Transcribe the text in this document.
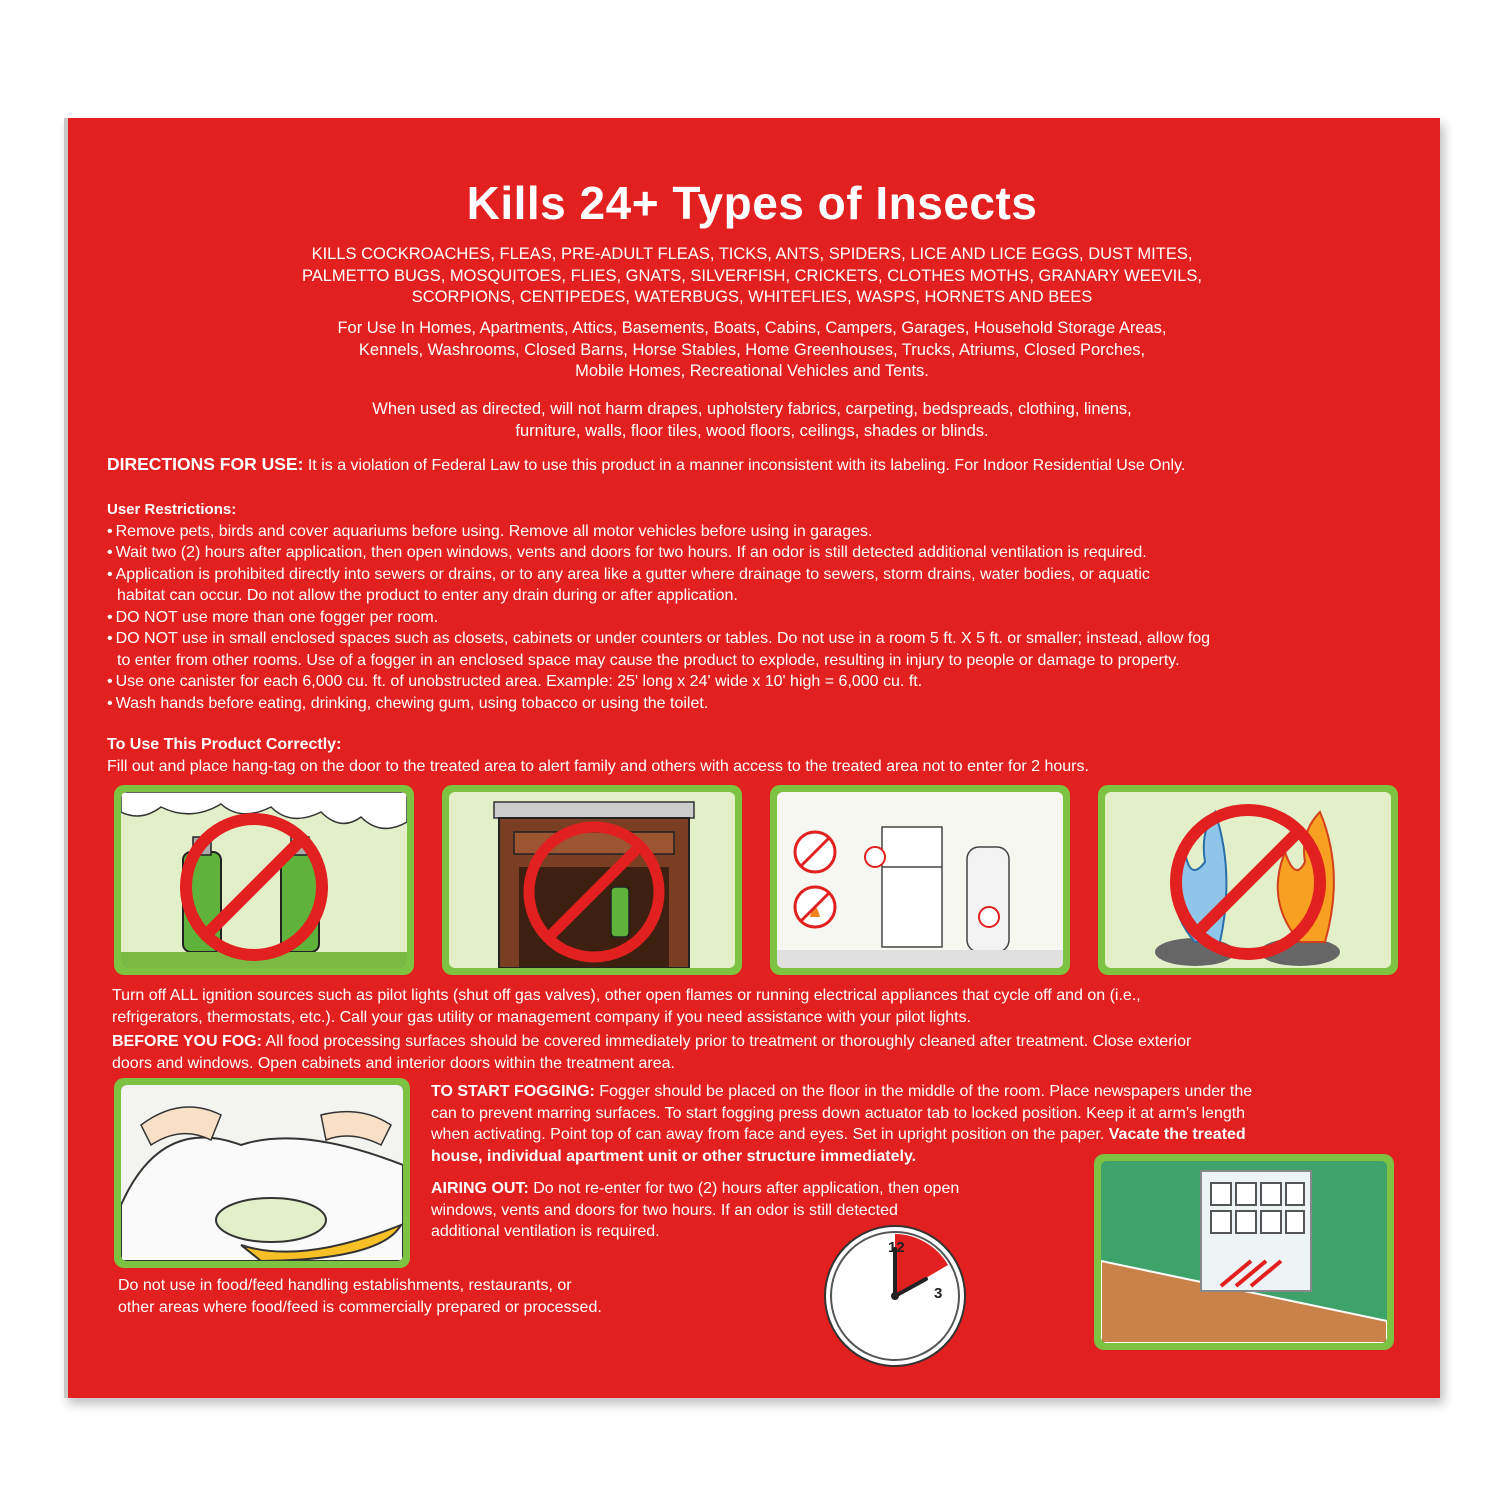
Kills 24+ Types of Insects
KILLS COCKROACHES, FLEAS, PRE-ADULT FLEAS, TICKS, ANTS, SPIDERS, LICE AND LICE EGGS, DUST MITES,
PALMETTO BUGS, MOSQUITOES, FLIES, GNATS, SILVERFISH, CRICKETS, CLOTHES MOTHS, GRANARY WEEVILS,
SCORPIONS, CENTIPEDES, WATERBUGS, WHITEFLIES, WASPS, HORNETS AND BEES
For Use In Homes, Apartments, Attics, Basements, Boats, Cabins, Campers, Garages, Household Storage Areas,
Kennels, Washrooms, Closed Barns, Horse Stables, Home Greenhouses, Trucks, Atriums, Closed Porches,
Mobile Homes, Recreational Vehicles and Tents.
When used as directed, will not harm drapes, upholstery fabrics, carpeting, bedspreads, clothing, linens,
furniture, walls, floor tiles, wood floors, ceilings, shades or blinds.
DIRECTIONS FOR USE: It is a violation of Federal Law to use this product in a manner inconsistent with its labeling. For Indoor Residential Use Only.
User Restrictions:
• Remove pets, birds and cover aquariums before using. Remove all motor vehicles before using in garages.
• Wait two (2) hours after application, then open windows, vents and doors for two hours. If an odor is still detected additional ventilation is required.
• Application is prohibited directly into sewers or drains, or to any area like a gutter where drainage to sewers, storm drains, water bodies, or aquatic
habitat can occur. Do not allow the product to enter any drain during or after application.
• DO NOT use more than one fogger per room.
• DO NOT use in small enclosed spaces such as closets, cabinets or under counters or tables. Do not use in a room 5 ft. X 5 ft. or smaller; instead, allow fog
to enter from other rooms. Use of a fogger in an enclosed space may cause the product to explode, resulting in injury to people or damage to property.
• Use one canister for each 6,000 cu. ft. of unobstructed area. Example: 25' long x 24' wide x 10' high = 6,000 cu. ft.
• Wash hands before eating, drinking, chewing gum, using tobacco or using the toilet.
To Use This Product Correctly:
Fill out and place hang-tag on the door to the treated area to alert family and others with access to the treated area not to enter for 2 hours.
Turn off ALL ignition sources such as pilot lights (shut off gas valves), other open flames or running electrical appliances that cycle off and on (i.e.,
refrigerators, thermostats, etc.). Call your gas utility or management company if you need assistance with your pilot lights.
BEFORE YOU FOG: All food processing surfaces should be covered immediately prior to treatment or thoroughly cleaned after treatment. Close exterior
doors and windows. Open cabinets and interior doors within the treatment area.
TO START FOGGING: Fogger should be placed on the floor in the middle of the room. Place newspapers under the
can to prevent marring surfaces. To start fogging press down actuator tab to locked position. Keep it at arm’s length
when activating. Point top of can away from face and eyes. Set in upright position on the paper. Vacate the treated
house, individual apartment unit or other structure immediately.
AIRING OUT: Do not re-enter for two (2) hours after application, then open
windows, vents and doors for two hours. If an odor is still detected
additional ventilation is required.
Do not use in food/feed handling establishments, restaurants, or
other areas where food/feed is commercially prepared or processed.
12
3
